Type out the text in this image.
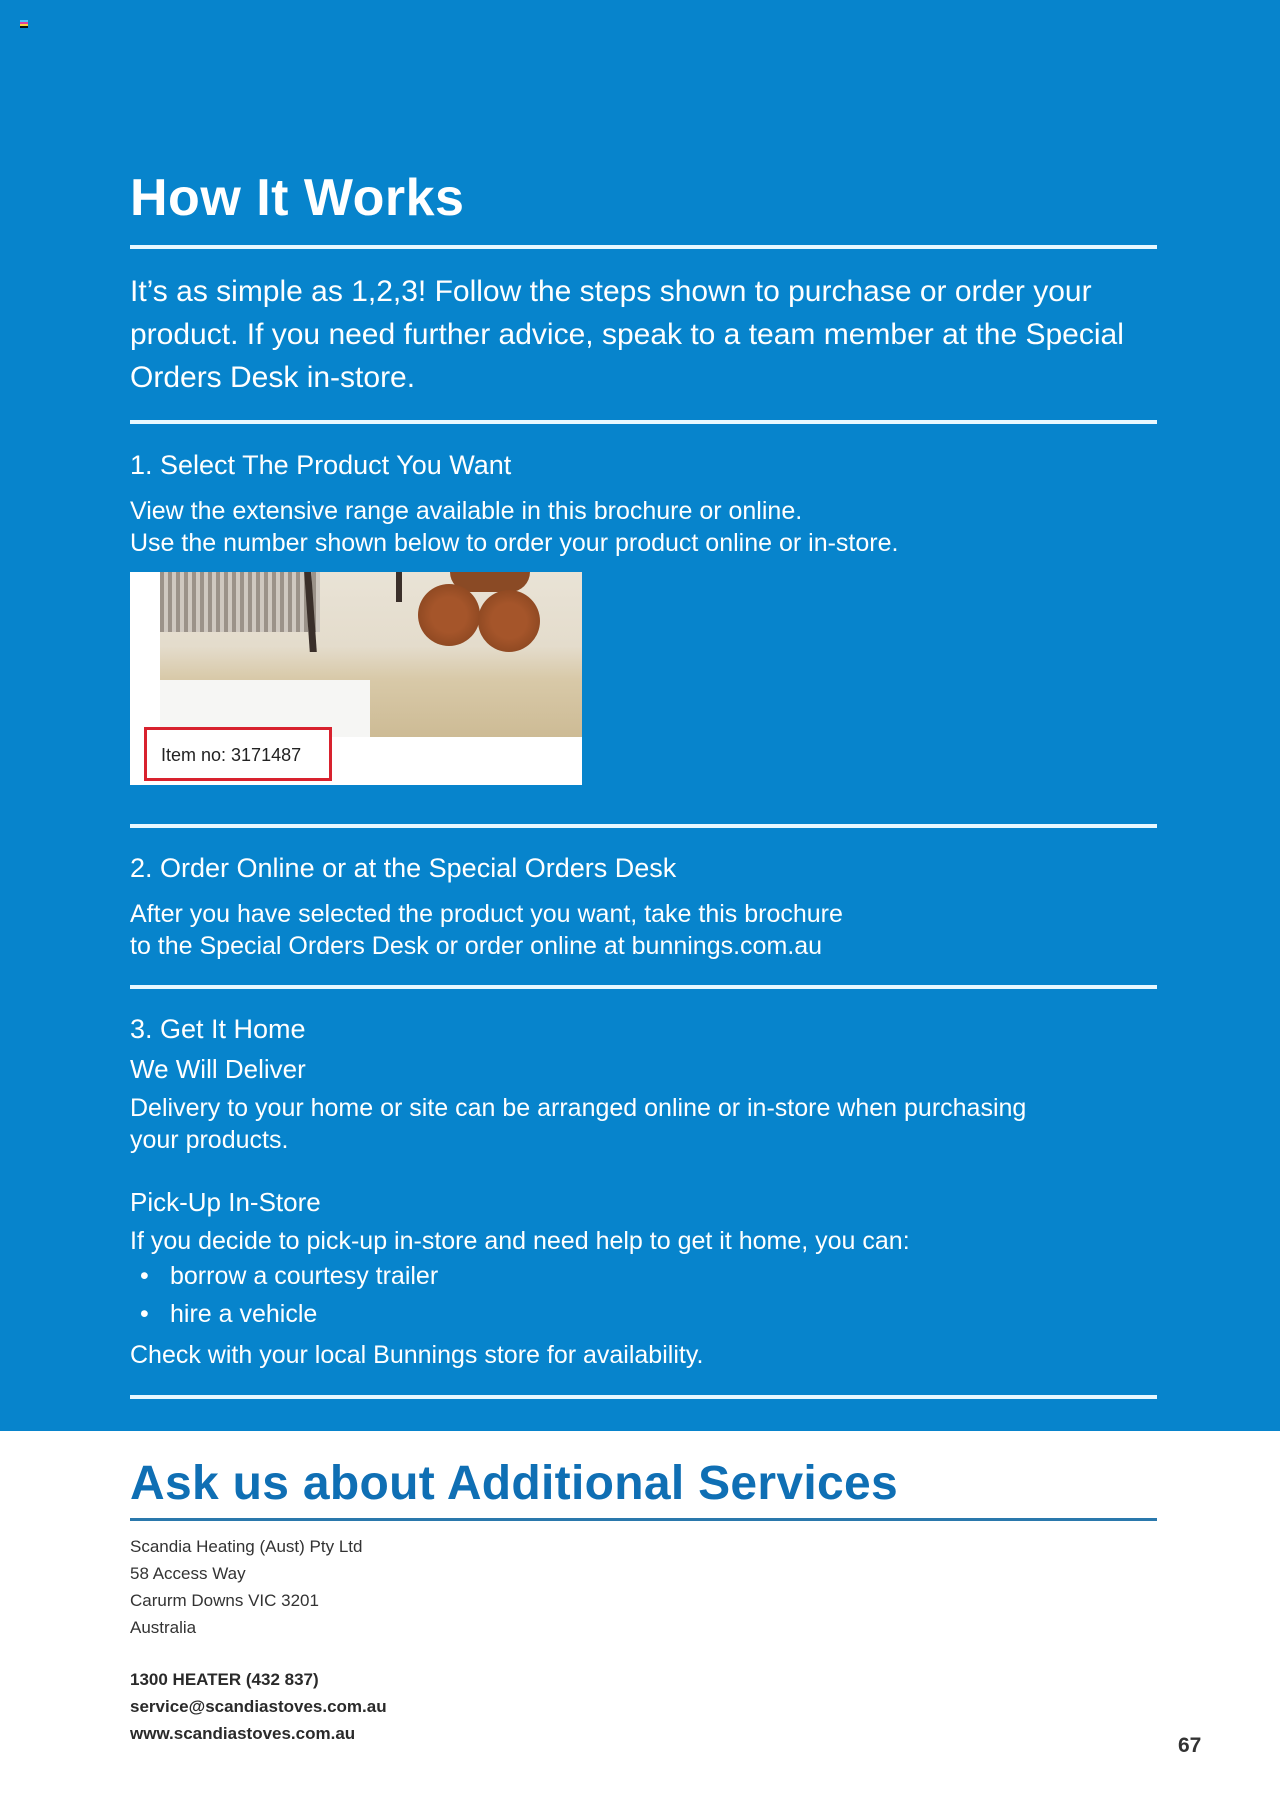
How It Works

It’s as simple as 1,2,3! Follow the steps shown to purchase or order your product. If you need further advice, speak to a team member at the Special Orders Desk in-store.

1. Select The Product You Want

View the extensive range available in this brochure or online.

Use the number shown below to order your product online or in-store.

Item no: 3171487
2. Order Online or at the Special Orders Desk

After you have selected the product you want, take this brochure

to the Special Orders Desk or order online at bunnings.com.au

3. Get It Home

We Will Deliver

Delivery to your home or site can be arranged online or in-store when purchasing

your products.

Pick-Up In-Store

If you decide to pick-up in-store and need help to get it home, you can:

• borrow a courtesy trailer
• hire a vehicle

Check with your local Bunnings store for availability.

Ask us about Additional Services
Scandia Heating (Aust) Pty Ltd
58 Access Way
Carurm Downs VIC 3201
Australia
1300 HEATER (432 837)
service@scandiastoves.com.au
www.scandiastoves.com.au
67
